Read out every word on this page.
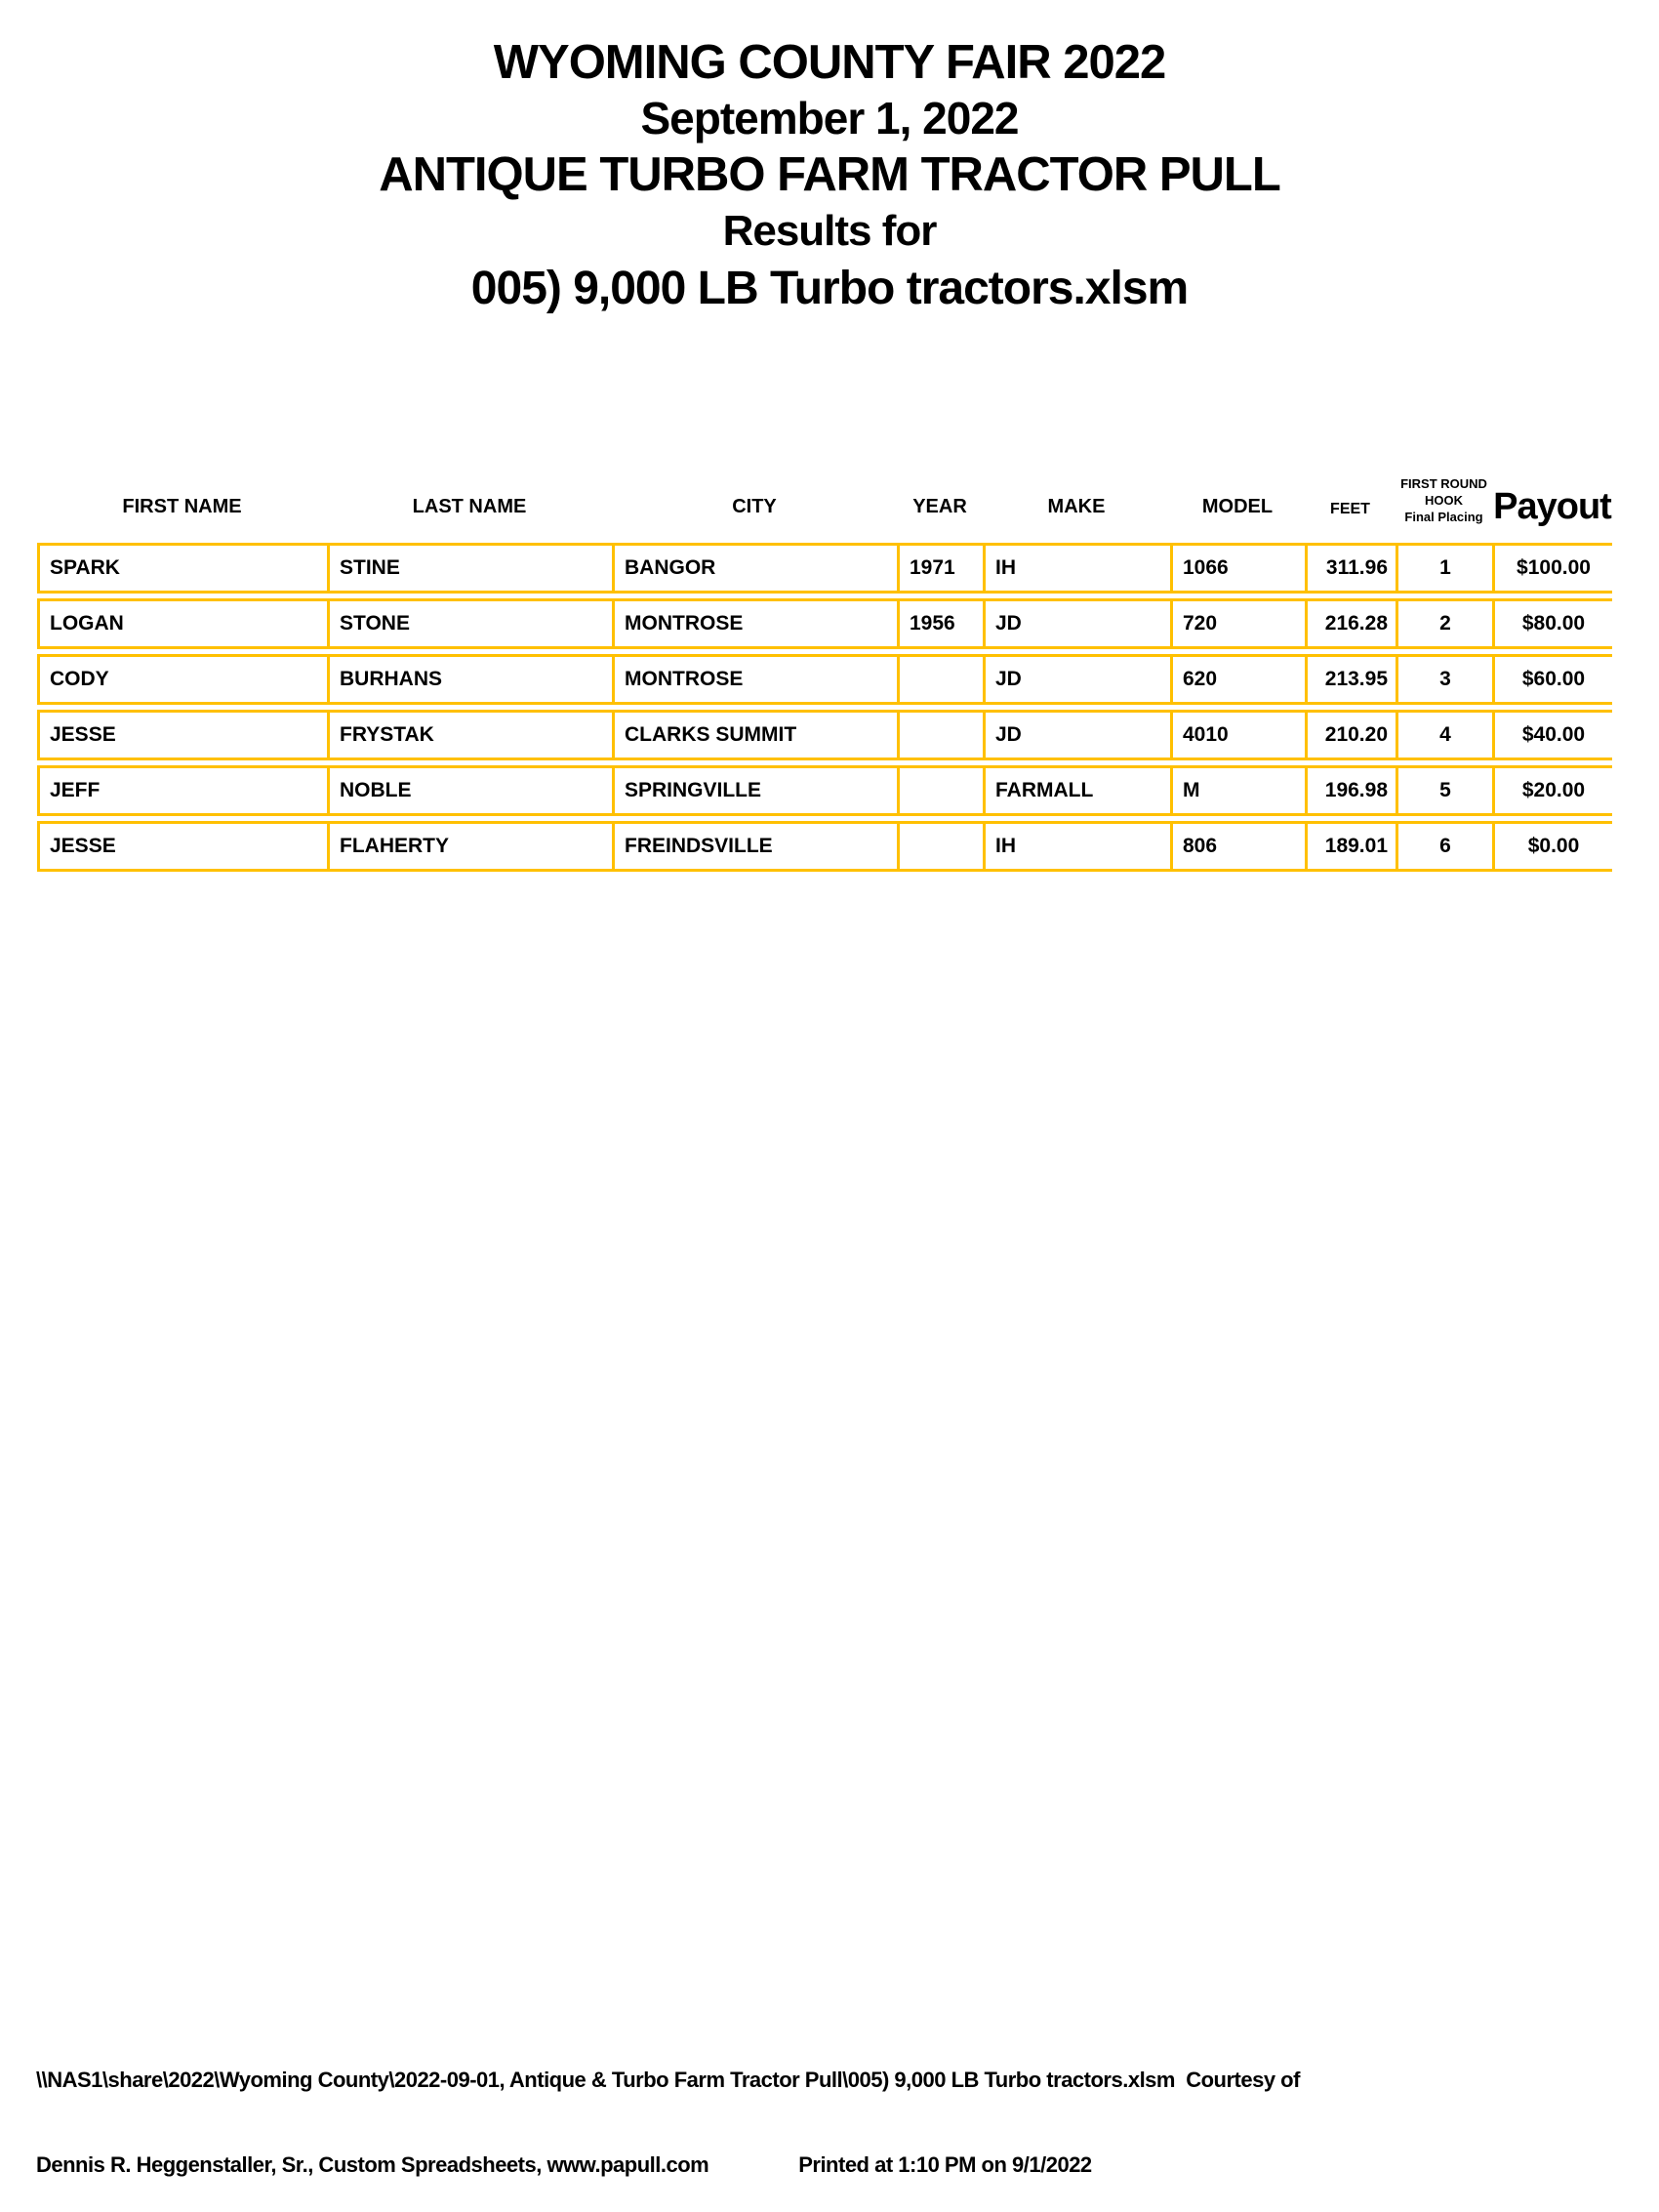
WYOMING COUNTY FAIR 2022
September 1, 2022
ANTIQUE TURBO FARM TRACTOR PULL
Results for
005) 9,000 LB Turbo tractors.xlsm
FIRST NAME	LAST NAME	CITY	YEAR	MAKE	MODEL	FEET	FIRST ROUND
HOOK
Final Placing	Payout
SPARK	STINE	BANGOR	1971	IH	1066	311.96	1	$100.00
LOGAN	STONE	MONTROSE	1956	JD	720	216.28	2	$80.00
CODY	BURHANS	MONTROSE		JD	620	213.95	3	$60.00
JESSE	FRYSTAK	CLARKS SUMMIT		JD	4010	210.20	4	$40.00
JEFF	NOBLE	SPRINGVILLE		FARMALL	M	196.98	5	$20.00
JESSE	FLAHERTY	FREINDSVILLE		IH	806	189.01	6	$0.00

\\NAS1\share\2022\Wyoming County\2022-09-01, Antique & Turbo Farm Tractor Pull\005) 9,000 LB Turbo tractors.xlsm  Courtesy of

Dennis R. Heggenstaller, Sr., Custom Spreadsheets, www.papull.com	Printed at 1:10 PM on 9/1/2022
